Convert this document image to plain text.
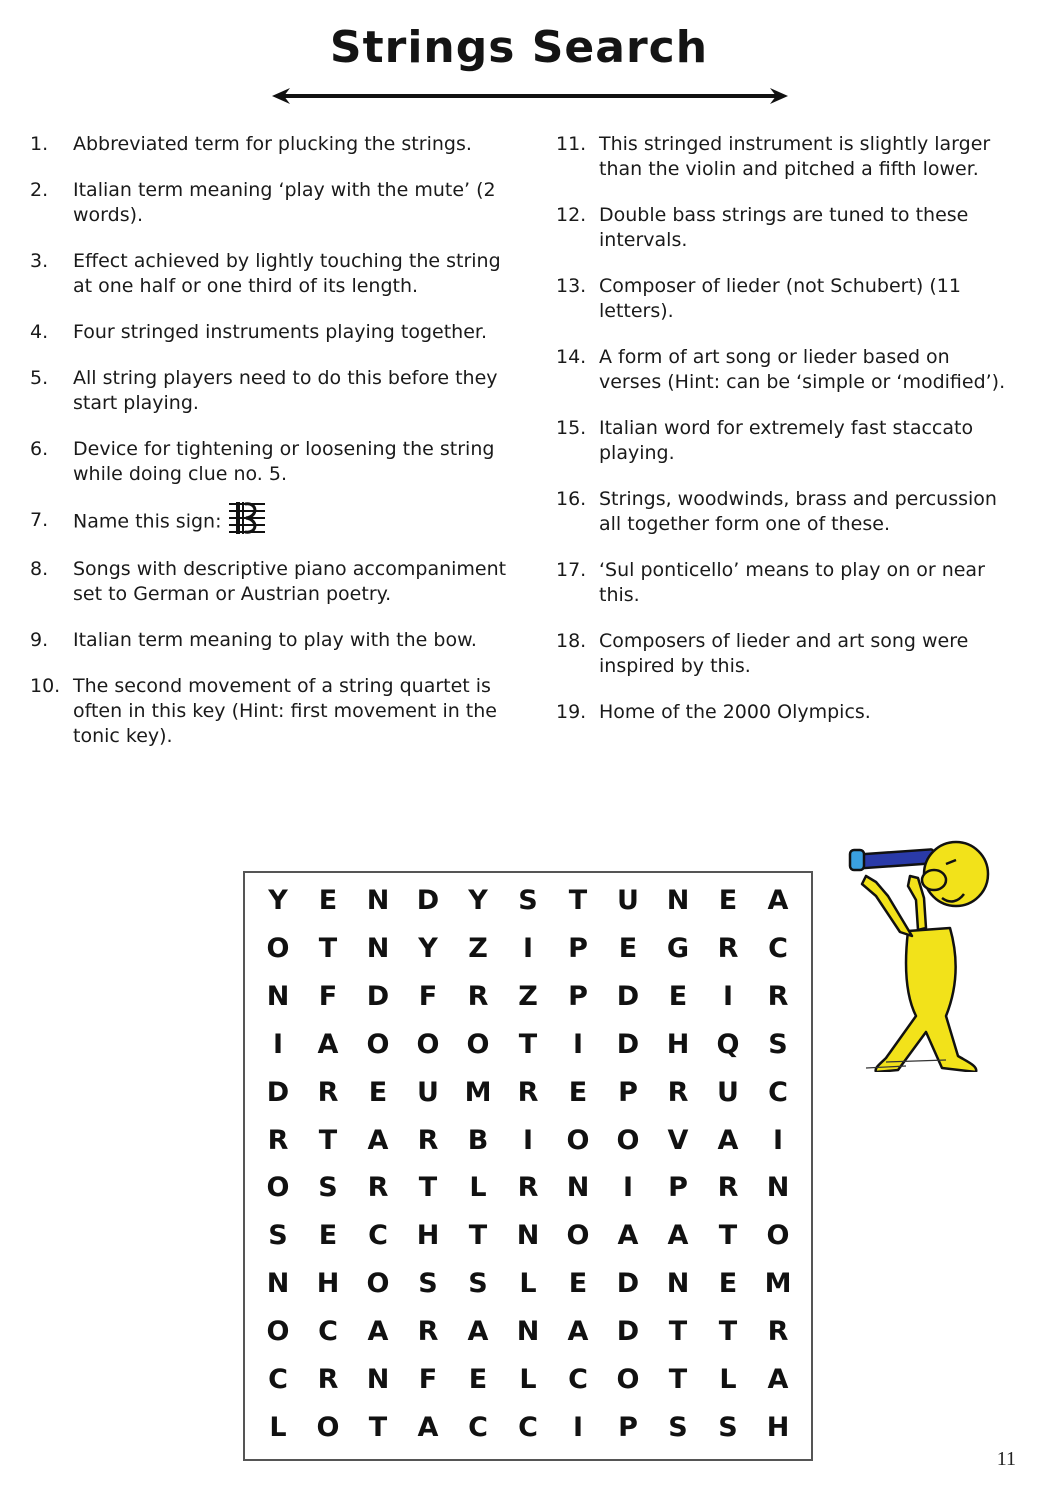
Strings Search
1.	Abbreviated term for plucking the strings.
2.	Italian term meaning ‘play with the mute’ (2 words).
3.	Effect achieved by lightly touching the string at one half or one third of its length.
4.	Four stringed instruments playing together.
5.	All string players need to do this before they start playing.
6.	Device for tightening or loosening the string while doing clue no. 5.
7.	Name this sign:
8.	Songs with descriptive piano accompaniment set to German or Austrian poetry.
9.	Italian term meaning to play with the bow.
10. The second movement of a string quartet is often in this key (Hint: first movement in the tonic key).
11. This stringed instrument is slightly larger than the violin and pitched a fifth lower.
12. Double bass strings are tuned to these intervals.
13. Composer of lieder (not Schubert) (11 letters).
14. A form of art song or lieder based on verses (Hint: can be ‘simple or ‘modified’).
15. Italian word for extremely fast staccato playing.
16. Strings, woodwinds, brass and percussion all together form one of these.
17. ‘Sul ponticello’ means to play on or near this.
18. Composers of lieder and art song were inspired by this.
19. Home of the 2000 Olympics.
Y	E	N	D	Y	S	T	U	N	E	A
O	T	N	Y	Z	I	P	E	G	R	C
N	F	D	F	R	Z	P	D	E	I	R
I	A	O	O	O	T	I	D	H	Q	S
D	R	E	U M R	E	P	R	U	C
R	T	A	R	B	I	O	O	V	A	I
O	S	R	T	L	R	N	I	P	R	N
S	E	C	H	T	N	O	A	A	T	O
N	H	O	S	S	L	E	D	N	E	M
O	C	A	R	A	N	A	D	T	T	R
C	R	N	F	E	L	C	O	T	L	A
L	O	T	A	C	C	I	P	S	S	H
11
